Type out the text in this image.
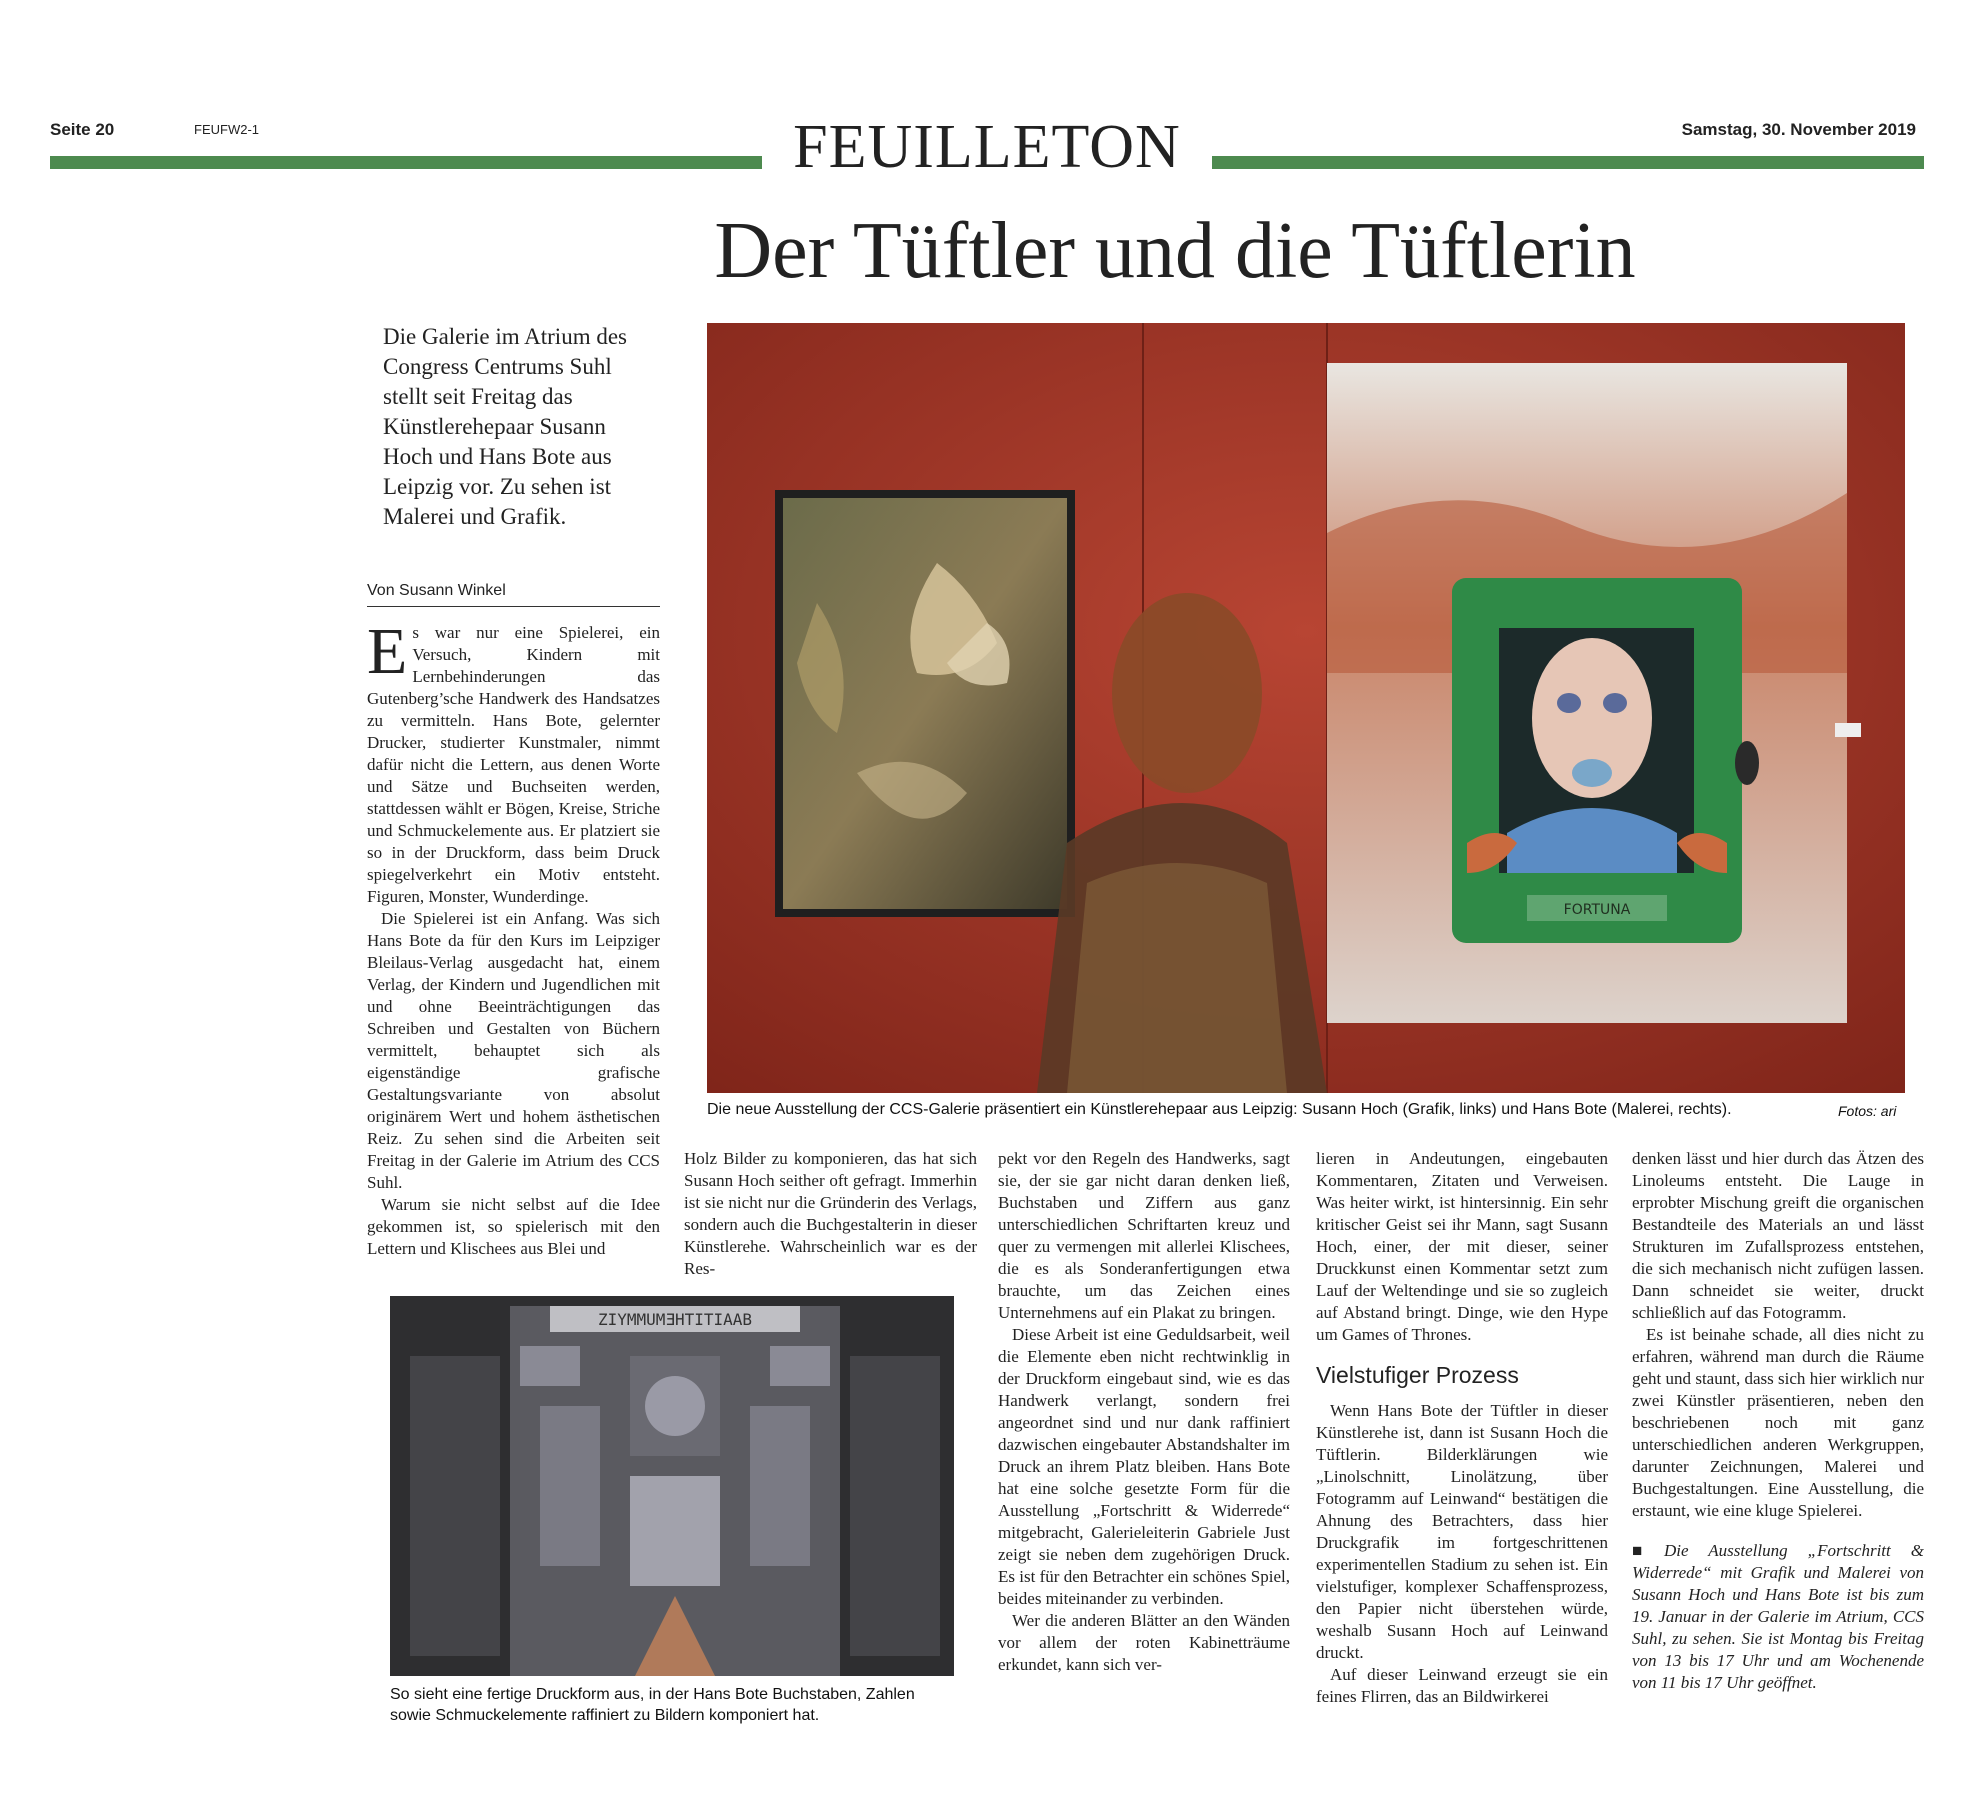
Seite 20	FEUFW2-1	Samstag, 30. November 2019
FEUILLETON
Der Tüftler und die Tüftlerin
Die Galerie im Atrium des Congress Centrums Suhl stellt seit Freitag das Künstlerehepaar Susann Hoch und Hans Bote aus Leipzig vor. Zu sehen ist Malerei und Grafik.
Von Susann Winkel
FORTUNA
Die neue Ausstellung der CCS-Galerie präsentiert ein Künstlerehepaar aus Leipzig: Susann Hoch (Grafik, links) und Hans Bote (Malerei, rechts).	Fotos: ari

Es war nur eine Spielerei, ein Versuch, Kindern mit Lernbehinderungen das Gutenberg’sche Handwerk des Handsatzes zu vermitteln. Hans Bote, gelernter Drucker, studierter Kunstmaler, nimmt dafür nicht die Lettern, aus denen Worte und Sätze und Buchseiten werden, stattdessen wählt er Bögen, Kreise, Striche und Schmuckelemente aus. Er platziert sie so in der Druckform, dass beim Druck spiegelverkehrt ein Motiv entsteht. Figuren, Monster, Wunderdinge.

Die Spielerei ist ein Anfang. Was sich Hans Bote da für den Kurs im Leipziger Bleilaus-Verlag ausgedacht hat, einem Verlag, der Kindern und Jugendlichen mit und ohne Beeinträchtigungen das Schreiben und Gestalten von Büchern vermittelt, behauptet sich als eigenständige grafische Gestaltungsvariante von absolut originärem Wert und hohem ästhetischen Reiz. Zu sehen sind die Arbeiten seit Freitag in der Galerie im Atrium des CCS Suhl.

Warum sie nicht selbst auf die Idee gekommen ist, so spielerisch mit den Lettern und Klischees aus Blei und

Holz Bilder zu komponieren, das hat sich Susann Hoch seither oft gefragt. Immerhin ist sie nicht nur die Gründerin des Verlags, sondern auch die Buchgestalterin in dieser Künstlerehe. Wahrscheinlich war es der Res-

ZIYMMUMƎHTITIAAB
So sieht eine fertige Druckform aus, in der Hans Bote Buchstaben, Zahlen sowie Schmuckelemente raffiniert zu Bildern komponiert hat.

pekt vor den Regeln des Handwerks, sagt sie, der sie gar nicht daran denken ließ, Buchstaben und Ziffern aus ganz unterschiedlichen Schriftarten kreuz und quer zu vermengen mit allerlei Klischees, die es als Sonderanfertigungen etwa brauchte, um das Zeichen eines Unternehmens auf ein Plakat zu bringen.

Diese Arbeit ist eine Geduldsarbeit, weil die Elemente eben nicht rechtwinklig in der Druckform eingebaut sind, wie es das Handwerk verlangt, sondern frei angeordnet sind und nur dank raffiniert dazwischen eingebauter Abstandshalter im Druck an ihrem Platz bleiben. Hans Bote hat eine solche gesetzte Form für die Ausstellung „Fortschritt & Widerrede“ mitgebracht, Galerieleiterin Gabriele Just zeigt sie neben dem zugehörigen Druck. Es ist für den Betrachter ein schönes Spiel, beides miteinander zu verbinden.

Wer die anderen Blätter an den Wänden vor allem der roten Kabinetträume erkundet, kann sich ver-

lieren in Andeutungen, eingebauten Kommentaren, Zitaten und Verweisen. Was heiter wirkt, ist hintersinnig. Ein sehr kritischer Geist sei ihr Mann, sagt Susann Hoch, einer, der mit dieser, seiner Druckkunst einen Kommentar setzt zum Lauf der Weltendinge und sie so zugleich auf Abstand bringt. Dinge, wie den Hype um Games of Thrones.

Vielstufiger Prozess

Wenn Hans Bote der Tüftler in dieser Künstlerehe ist, dann ist Susann Hoch die Tüftlerin. Bilderklärungen wie „Linolschnitt, Linolätzung, über Fotogramm auf Leinwand“ bestätigen die Ahnung des Betrachters, dass hier Druckgrafik im fortgeschrittenen experimentellen Stadium zu sehen ist. Ein vielstufiger, komplexer Schaffensprozess, den Papier nicht überstehen würde, weshalb Susann Hoch auf Leinwand druckt.

Auf dieser Leinwand erzeugt sie ein feines Flirren, das an Bildwirkerei

denken lässt und hier durch das Ätzen des Linoleums entsteht. Die Lauge in erprobter Mischung greift die organischen Bestandteile des Materials an und lässt Strukturen im Zufallsprozess entstehen, die sich mechanisch nicht zufügen lassen. Dann schneidet sie weiter, druckt schließlich auf das Fotogramm.

Es ist beinahe schade, all dies nicht zu erfahren, während man durch die Räume geht und staunt, dass sich hier wirklich nur zwei Künstler präsentieren, neben den beschriebenen noch mit ganz unterschiedlichen anderen Werkgruppen, darunter Zeichnungen, Malerei und Buchgestaltungen. Eine Ausstellung, die erstaunt, wie eine kluge Spielerei.

■ Die Ausstellung „Fortschritt & Widerrede“ mit Grafik und Malerei von Susann Hoch und Hans Bote ist bis zum 19. Januar in der Galerie im Atrium, CCS Suhl, zu sehen. Sie ist Montag bis Freitag von 13 bis 17 Uhr und am Wochenende von 11 bis 17 Uhr geöffnet.
